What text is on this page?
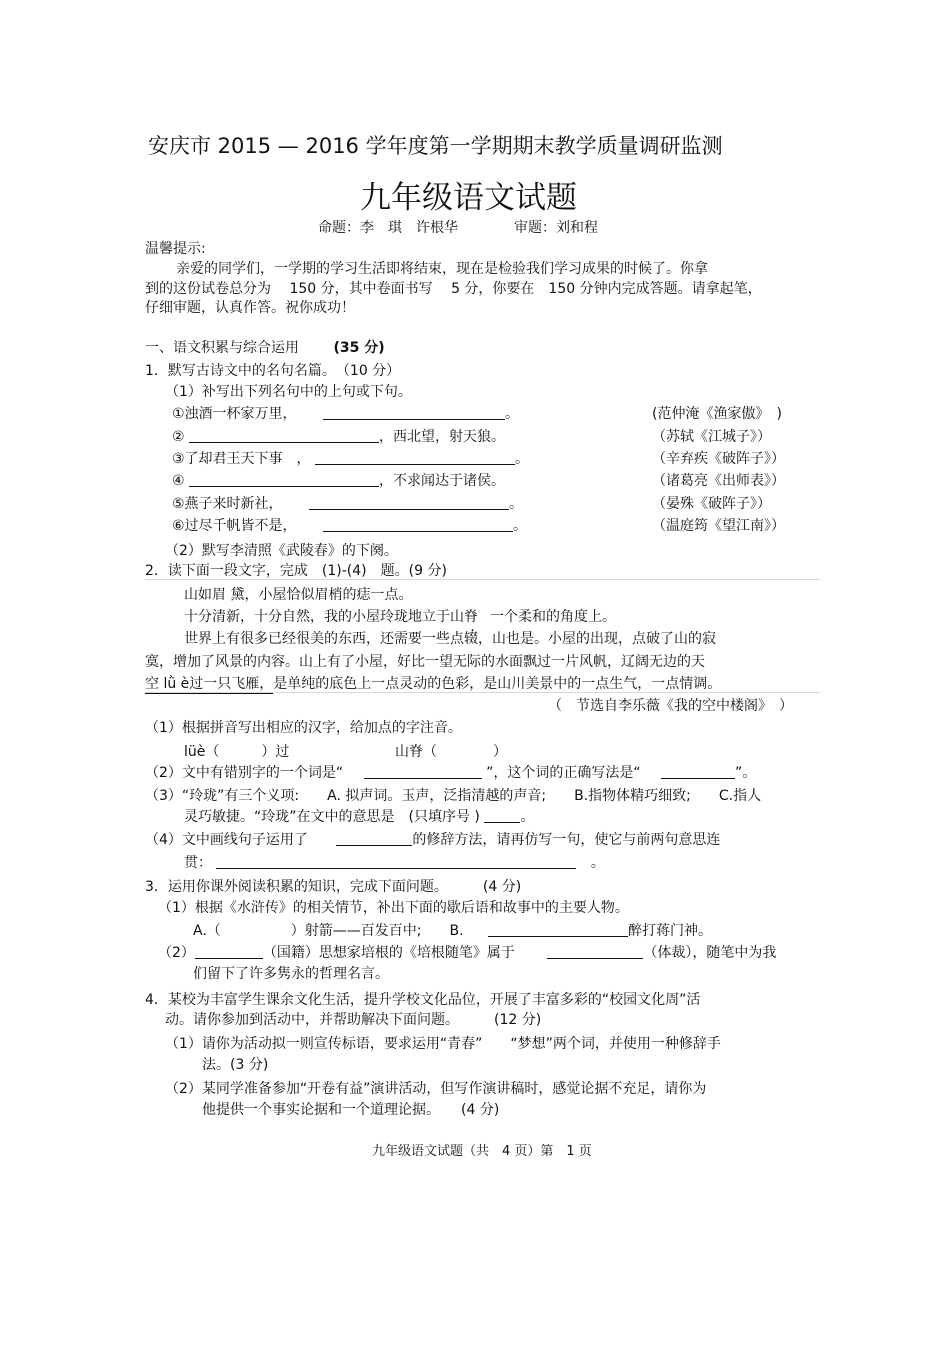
安庆市 2015 — 2016 学年度第一学期期末教学质量调研监测
九年级语文试题
命题：李　琪　许根华　　　　审题：刘和程
温馨提示:
亲爱的同学们，一学期的学习生活即将结束，现在是检验我们学习成果的时候了。你拿
到的这份试卷总分为　 150 分，其中卷面书写　 5 分，你要在　150 分钟内完成答题。请拿起笔，
仔细审题，认真作答。祝你成功！
一、语文积累与综合运用 (35 分)
1．默写古诗文中的名句名篇。　（10 分）
（1）补写出下列名句中的上句或下句。
①浊酒一杯家万里，	。	(范仲淹《渔家傲》　)
②	，西北望，射天狼。	（苏轼《江城子》）
③了却君王天下事　，	。	（辛弃疾《破阵子》）
④	，不求闻达于诸侯。	（诸葛亮《出师表》）
⑤燕子来时新社，	。	（晏殊《破阵子》）
⑥过尽千帆皆不是，	。	（温庭筠《望江南》）
（2）默写李清照《武陵春》的下阕。
2．读下面一段文字，完成　(1)-(4)　题。(9 分)
山如眉 黛，小屋恰似眉梢的痣一点。
十分清新，十分自然，我的小屋玲珑地立于山脊 一个柔和的角度上。
世界上有很多已经很美的东西，还需要一些点辍，山也是。小屋的出现，点破了山的寂
寞，增加了风景的内容。山上有了小屋，好比一望无际的水面飘过一片风帆，辽阔无边的天
空 lǜ è过一只飞雁，是单纯的底色上一点灵动的色彩，是山川美景中的一点生气，一点情调。
（　节选自李乐薇《我的空中楼阁》　）
（1）根据拼音写出相应的汉字，给加点的字注音。
lüè（　　　）过	山脊（　　　　）
（2）文中有错别字的一个词是“	”，这个词的正确写法是“	”。
（3）“玲珑”有三个义项:　　A. 拟声词。玉声，泛指清越的声音;　　B.指物体精巧细致;　　C.指人
灵巧敏捷。“玲珑”在文中的意思是　(只填序号 )	。
（4）文中画线句子运用了	的修辞方法，请再仿写一句，使它与前两句意思连
贯：	。
3．运用你课外阅读积累的知识，完成下面问题。　　　(4 分)
（1）根据《水浒传》的相关情节，补出下面的歇后语和故事中的主要人物。
A.（　　　　　）射箭——百发百中;　　B.	醉打蒋门神。
（2）	（国籍）思想家培根的《培根随笔》属于	（体裁），随笔中为我
们留下了许多隽永的哲理名言。
4．某校为丰富学生课余文化生活，提升学校文化品位，开展了丰富多彩的“校园文化周”活
动。请你参加到活动中，并帮助解决下面问题。　　　(12 分)
（1）请你为活动拟一则宣传标语，要求运用“青春”　　“梦想”两个词，并使用一种修辞手
法。(3 分)
（2）某同学准备参加“开卷有益”演讲活动，但写作演讲稿时，感觉论据不充足，请你为
他提供一个事实论据和一个道理论据。　　(4 分)
九年级语文试题（共　4 页）第　1 页
